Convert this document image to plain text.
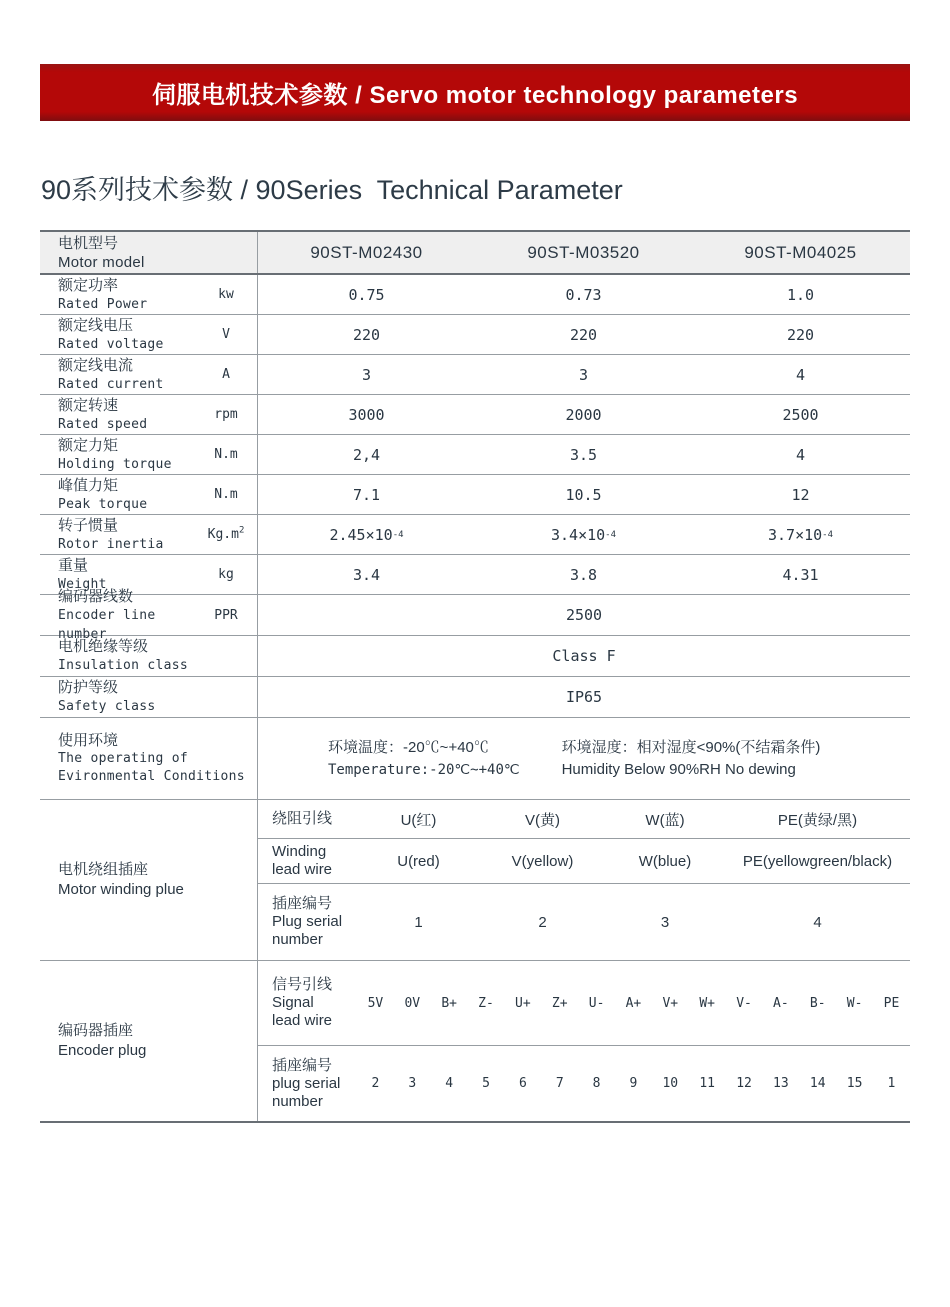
伺服电机技术参数 / Servo motor technology parameters
90系列技术参数 / 90Series  Technical Parameter
电机型号
Motor model
90ST-M02430	90ST-M03520	90ST-M04025
额定功率
Rated Power
kw	0.75	0.73	1.0
额定线电压
Rated voltage
V	220	220	220
额定线电流
Rated current
A	3	3	4
额定转速
Rated speed
rpm	3000	2000	2500
额定力矩
Holding torque
N.m	2,4	3.5	4
峰值力矩
Peak torque
N.m	7.1	10.5	12
转子惯量
Rotor inertia
$Kg.m^2$	2.45×10 -4	3.4×10 -4	3.7×10 -4
重量
Weight
kg	3.4	3.8	4.31
编码器线数
Encoder line number
PPR	2500
电机绝缘等级
Insulation class
Class F
防护等级
Safety class
IP65
使用环境
The operating of
Evironmental Conditions
环境温度：-20℃~+40℃
Temperature:-20℃~+40℃
环境湿度：相对湿度<90%(不结霜条件)
Humidity Below 90%RH No dewing
电机绕组插座
Motor winding plue
绕阻引线	U(红)	V(黄)	W(蓝)	PE(黄绿/黑)
Winding
lead wire	U(red)	V(yellow)	W(blue)	PE(yellowgreen/black)
插座编号
Plug serial
number
1	2	3	4
编码器插座
Encoder plug
信号引线
Signal
lead wire
5V	0V	B+	Z-	U+	Z+	U-	A+	V+	W+	V-	A-	B-	W-	PE
插座编号
plug serial
number
2	3	4	5	6	7	8	9	10	11	12	13	14	15	1
